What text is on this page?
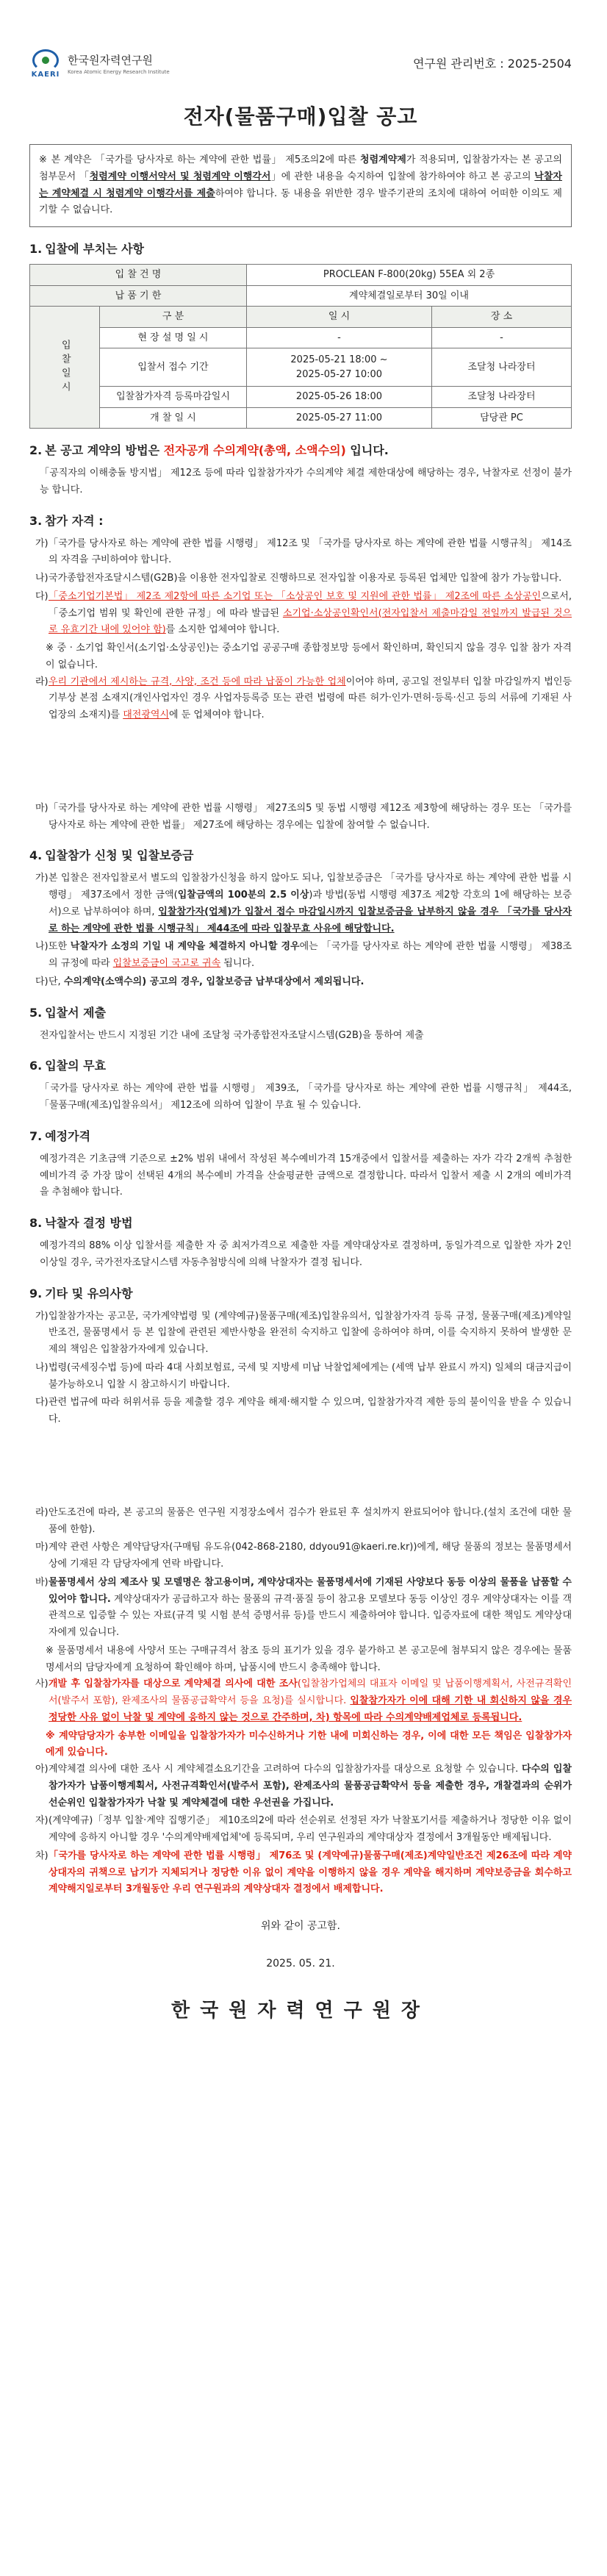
KAERI
한국원자력연구원
Korea Atomic Energy Research Institute
연구원 관리번호 : 2025-2504
전자(물품구매)입찰 공고
※ 본 계약은 「국가를 당사자로 하는 계약에 관한 법률」 제5조의2에 따른 청렴계약제가 적용되며, 입찰참가자는 본 공고의 첨부문서 「청렴계약 이행서약서 및 청렴계약 이행각서」에 관한 내용을 숙지하여 입찰에 참가하여야 하고 본 공고의 낙찰자는 계약체결 시 청렴계약 이행각서를 제출하여야 합니다. 동 내용을 위반한 경우 발주기관의 조치에 대하여 어떠한 이의도 제기할 수 없습니다.
1. 입찰에 부치는 사항
입 찰 건 명		PROCLEAN F-800(20kg) 55EA 외 2종	
납 품 기 한		계약체결일로부터 30일 이내	
입찰일시	구 분	일 시	장 소
	현 장 설 명 일 시	-	-
	입찰서 접수 기간	2025-05-21 18:00 ~
2025-05-27 10:00	조달청 나라장터
	입찰참가자격 등록마감일시	2025-05-26 18:00	조달청 나라장터
	개 찰 일 시	2025-05-27 11:00	담당관 PC
2. 본 공고 계약의 방법은 전자공개 수의계약(총액, 소액수의) 입니다.
「공직자의 이해충돌 방지법」 제12조 등에 따라 입찰참가자가 수의계약 체결 제한대상에 해당하는 경우, 낙찰자로 선정이 불가능 합니다.
3. 참가 자격 :
가) 「국가를 당사자로 하는 계약에 관한 법률 시행령」 제12조 및 「국가를 당사자로 하는 계약에 관한 법률 시행규칙」 제14조의 자격을 구비하여야 합니다.
나) 국가종합전자조달시스템(G2B)을 이용한 전자입찰로 진행하므로 전자입찰 이용자로 등록된 업체만 입찰에 참가 가능합니다.
다) 「중소기업기본법」 제2조 제2항에 따른 소기업 또는 「소상공인 보호 및 지원에 관한 법률」 제2조에 따른 소상공인으로서, 「중소기업 범위 및 확인에 관한 규정」에 따라 발급된 소기업·소상공인확인서(전자입찰서 제출마감일 전일까지 발급된 것으로 유효기간 내에 있어야 함)를 소지한 업체여야 합니다.
※ 중 · 소기업 확인서(소기업·소상공인)는 중소기업 공공구매 종합정보망 등에서 확인하며, 확인되지 않을 경우 입찰 참가 자격이 없습니다.
라) 우리 기관에서 제시하는 규격, 사양, 조건 등에 따라 납품이 가능한 업체이어야 하며, 공고일 전일부터 입찰 마감일까지 법인등기부상 본점 소재지(개인사업자인 경우 사업자등록증 또는 관련 법령에 따른 허가·인가·면허·등록·신고 등의 서류에 기재된 사업장의 소재지)를 대전광역시에 둔 업체여야 합니다.
마) 「국가를 당사자로 하는 계약에 관한 법률 시행령」 제27조의5 및 동법 시행령 제12조 제3항에 해당하는 경우 또는 「국가를 당사자로 하는 계약에 관한 법률」 제27조에 해당하는 경우에는 입찰에 참여할 수 없습니다.
4. 입찰참가 신청 및 입찰보증금
가) 본 입찰은 전자입찰로서 별도의 입찰참가신청을 하지 않아도 되나, 입찰보증금은 「국가를 당사자로 하는 계약에 관한 법률 시행령」 제37조에서 정한 금액(입찰금액의 100분의 2.5 이상)과 방법(동법 시행령 제37조 제2항 각호의 1에 해당하는 보증서)으로 납부하여야 하며, 입찰참가자(업체)가 입찰서 접수 마감일시까지 입찰보증금을 납부하지 않을 경우 「국가를 당사자로 하는 계약에 관한 법률 시행규칙」 제44조에 따라 입찰무효 사유에 해당합니다.
나) 또한 낙찰자가 소정의 기일 내 계약을 체결하지 아니할 경우에는 「국가를 당사자로 하는 계약에 관한 법률 시행령」 제38조의 규정에 따라 입찰보증금이 국고로 귀속 됩니다.
다) 단, 수의계약(소액수의) 공고의 경우, 입찰보증금 납부대상에서 제외됩니다.
5. 입찰서 제출
전자입찰서는 반드시 지정된 기간 내에 조달청 국가종합전자조달시스템(G2B)을 통하여 제출
6. 입찰의 무효
「국가를 당사자로 하는 계약에 관한 법률 시행령」 제39조, 「국가를 당사자로 하는 계약에 관한 법률 시행규칙」 제44조, 「물품구매(제조)입찰유의서」 제12조에 의하여 입찰이 무효 될 수 있습니다.
7. 예정가격
예정가격은 기초금액 기준으로 ±2% 범위 내에서 작성된 복수예비가격 15개중에서 입찰서를 제출하는 자가 각각 2개씩 추첨한 예비가격 중 가장 많이 선택된 4개의 복수예비 가격을 산술평균한 금액으로 결정합니다. 따라서 입찰서 제출 시 2개의 예비가격을 추첨해야 합니다.
8. 낙찰자 결정 방법
예정가격의 88% 이상 입찰서를 제출한 자 중 최저가격으로 제출한 자를 계약대상자로 결정하며, 동일가격으로 입찰한 자가 2인 이상일 경우, 국가전자조달시스템 자동추첨방식에 의해 낙찰자가 결정 됩니다.
9. 기타 및 유의사항
가) 입찰참가자는 공고문, 국가계약법령 및 (계약예규)물품구매(제조)입찰유의서, 입찰참가자격 등록 규정, 물품구매(제조)계약일반조건, 물품명세서 등 본 입찰에 관련된 제반사항을 완전히 숙지하고 입찰에 응하여야 하며, 이를 숙지하지 못하여 발생한 문제의 책임은 입찰참가자에게 있습니다.
나) 법령(국세징수법 등)에 따라 4대 사회보험료, 국세 및 지방세 미납 낙찰업체에게는 (세액 납부 완료시 까지) 일체의 대금지급이 불가능하오니 입찰 시 참고하시기 바랍니다.
다) 관련 법규에 따라 허위서류 등을 제출할 경우 계약을 해제·해지할 수 있으며, 입찰참가자격 제한 등의 불이익을 받을 수 있습니다.
라) 안도조건에 따라, 본 공고의 물품은 연구원 지정장소에서 검수가 완료된 후 설치까지 완료되어야 합니다.(설치 조건에 대한 물품에 한함).
마) 계약 관련 사항은 계약담당자(구매팀 유도유(042-868-2180, ddyou91@kaeri.re.kr))에게, 해당 물품의 정보는 물품명세서 상에 기재된 각 담당자에게 연락 바랍니다.
바) 물품명세서 상의 제조사 및 모델명은 참고용이며, 계약상대자는 물품명세서에 기재된 사양보다 동등 이상의 물품을 납품할 수 있어야 합니다. 계약상대자가 공급하고자 하는 물품의 규격·품질 등이 참고용 모델보다 동등 이상인 경우 계약상대자는 이를 객관적으로 입증할 수 있는 자료(규격 및 시험 분석 증명서류 등)를 반드시 제출하여야 합니다. 입증자료에 대한 책임도 계약상대자에게 있습니다.
※ 물품명세서 내용에 사양서 또는 구매규격서 참조 등의 표기가 있을 경우 붙가하고 본 공고문에 첨부되지 않은 경우에는 물품명세서의 담당자에게 요청하여 확인해야 하며, 납품시에 반드시 충족해야 합니다.
사) 개발 후 입찰참가자를 대상으로 계약체결 의사에 대한 조사(입찰참가업체의 대표자 이메일 및 납품이행계획서, 사전규격확인서(발주서 포함), 완제조사의 물품공급확약서 등을 요청)를 실시합니다. 입찰참가자가 이에 대해 기한 내 회신하지 않을 경우 정당한 사유 없이 낙찰 및 계약에 응하지 않는 것으로 간주하며, 차) 항목에 따라 수의계약배제업체로 등록됩니다.
※ 계약담당자가 송부한 이메일을 입찰참가자가 미수신하거나 기한 내에 미회신하는 경우, 이에 대한 모든 책임은 입찰참가자에게 있습니다.
아) 계약체결 의사에 대한 조사 시 계약체결소요기간을 고려하여 다수의 입찰참가자를 대상으로 요청할 수 있습니다. 다수의 입찰참가자가 납품이행계획서, 사전규격확인서(발주서 포함), 완제조사의 물품공급확약서 등을 제출한 경우, 개찰결과의 순위가 선순위인 입찰참가자가 낙찰 및 계약체결에 대한 우선권을 가집니다.
자) (계약예규)「정부 입찰·계약 집행기준」 제10조의2에 따라 선순위로 선정된 자가 낙찰포기서를 제출하거나 정당한 이유 없이 계약에 응하지 아니할 경우 '수의계약배제업체'에 등록되며, 우리 연구원과의 계약대상자 결정에서 3개월동안 배제됩니다.
차) 「국가를 당사자로 하는 계약에 관한 법률 시행령」 제76조 및 (계약예규)물품구매(제조)계약일반조건 제26조에 따라 계약상대자의 귀책으로 납기가 지체되거나 정당한 이유 없이 계약을 이행하지 않을 경우 계약을 해지하며 계약보증금을 회수하고 계약해지일로부터 3개월동안 우리 연구원과의 계약상대자 결정에서 배제합니다.
위와 같이 공고함.
2025. 05. 21.
한국원자력연구원장
